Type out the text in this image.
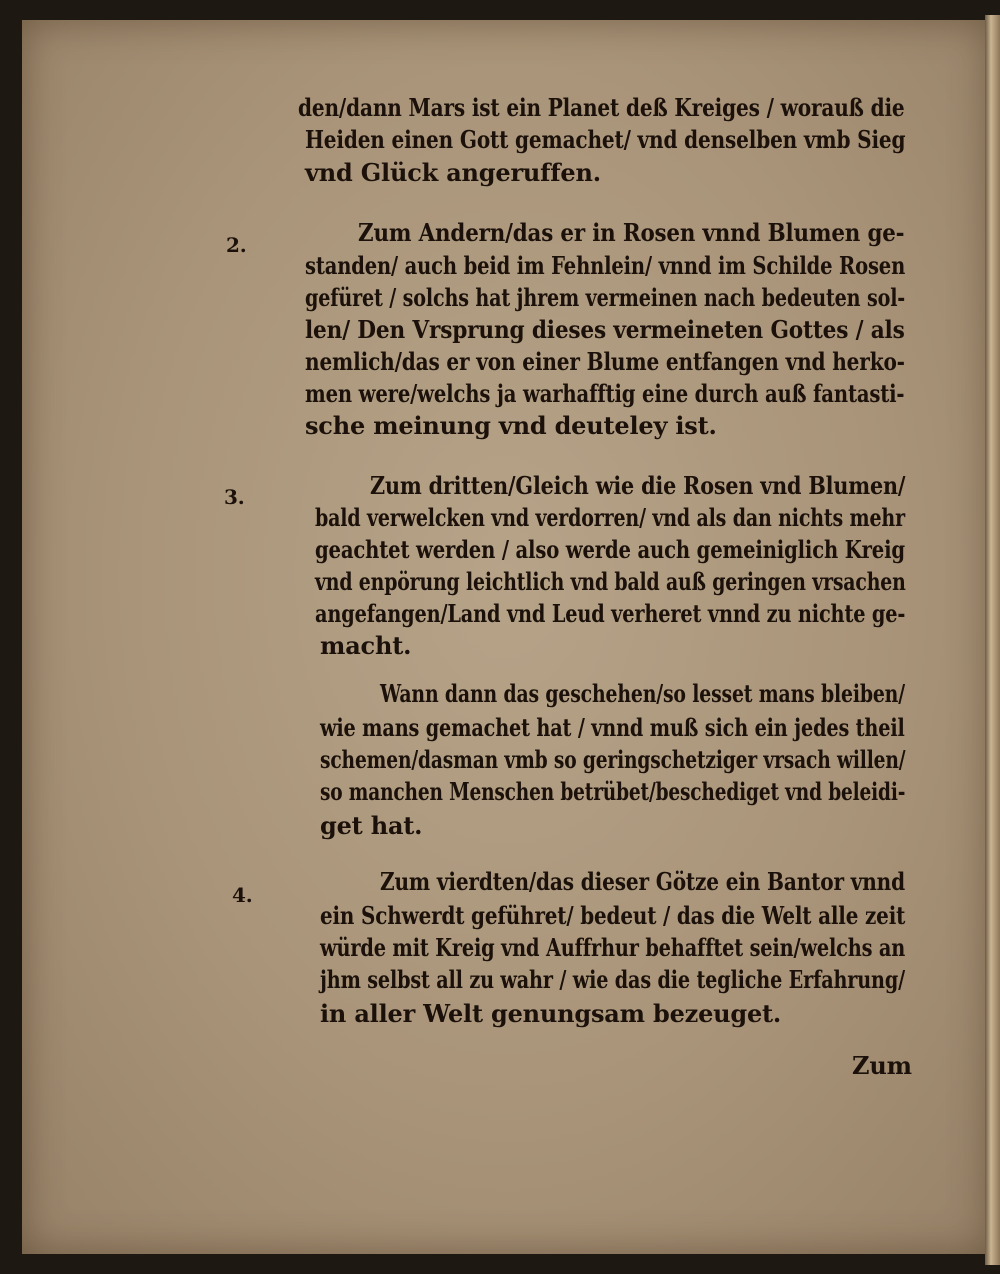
den/dann Mars ist ein Planet deß Kreiges / worauß die
Heiden einen Gott gemachet/ vnd denselben vmb Sieg
vnd Glück angeruffen.
2.	Zum Andern/das er in Rosen vnnd Blumen ge-
standen/ auch beid im Fehnlein/ vnnd im Schilde Rosen
gefüret / solchs hat jhrem vermeinen nach bedeuten sol-
len/ Den Vrsprung dieses vermeineten Gottes / als
nemlich/das er von einer Blume entfangen vnd herko-
men were/welchs ja warhafftig eine durch auß fantasti-
sche meinung vnd deuteley ist.
3.	Zum dritten/Gleich wie die Rosen vnd Blumen/
bald verwelcken vnd verdorren/ vnd als dan nichts mehr
geachtet werden / also werde auch gemeiniglich Kreig
vnd enpörung leichtlich vnd bald auß geringen vrsachen
angefangen/Land vnd Leud verheret vnnd zu nichte ge-
macht.
Wann dann das geschehen/so lesset mans bleiben/
wie mans gemachet hat / vnnd muß sich ein jedes theil
schemen/dasman vmb so geringschetziger vrsach willen/
so manchen Menschen betrübet/beschediget vnd beleidi-
get hat.
4.	Zum vierdten/das dieser Götze ein Bantor vnnd
ein Schwerdt geführet/ bedeut / das die Welt alle zeit
würde mit Kreig vnd Auffrhur behafftet sein/welchs an
jhm selbst all zu wahr / wie das die tegliche Erfahrung/
in aller Welt genungsam bezeuget.
Zum
